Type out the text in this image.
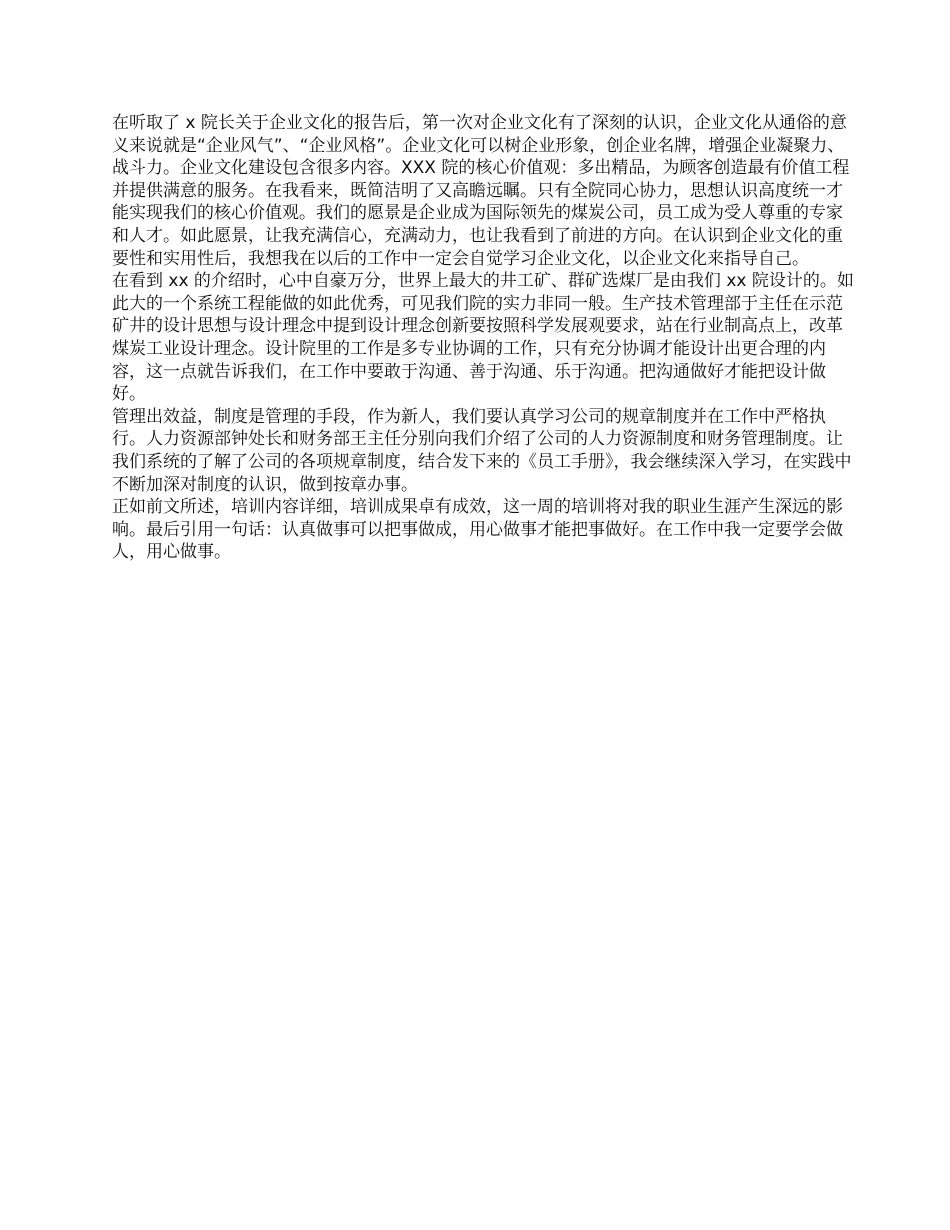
在听取了 x 院长关于企业文化的报告后，第一次对企业文化有了深刻的认识，企业文化从通俗的意义来说就是“企业风气”、“企业风格”。企业文化可以树企业形象，创企业名牌，增强企业凝聚力、战斗力。企业文化建设包含很多内容。XXX 院的核心价值观：多出精品，为顾客创造最有价值工程并提供满意的服务。在我看来，既简洁明了又高瞻远瞩。只有全院同心协力，思想认识高度统一才能实现我们的核心价值观。我们的愿景是企业成为国际领先的煤炭公司，员工成为受人尊重的专家和人才。如此愿景，让我充满信心，充满动力，也让我看到了前进的方向。在认识到企业文化的重要性和实用性后，我想我在以后的工作中一定会自觉学习企业文化，以企业文化来指导自己。

在看到 xx 的介绍时，心中自豪万分，世界上最大的井工矿、群矿选煤厂是由我们 xx 院设计的。如此大的一个系统工程能做的如此优秀，可见我们院的实力非同一般。生产技术管理部于主任在示范矿井的设计思想与设计理念中提到设计理念创新要按照科学发展观要求，站在行业制高点上，改革煤炭工业设计理念。设计院里的工作是多专业协调的工作，只有充分协调才能设计出更合理的内容，这一点就告诉我们，在工作中要敢于沟通、善于沟通、乐于沟通。把沟通做好才能把设计做好。

管理出效益，制度是管理的手段，作为新人，我们要认真学习公司的规章制度并在工作中严格执行。人力资源部钟处长和财务部王主任分别向我们介绍了公司的人力资源制度和财务管理制度。让我们系统的了解了公司的各项规章制度，结合发下来的《员工手册》，我会继续深入学习，在实践中不断加深对制度的认识，做到按章办事。

正如前文所述，培训内容详细，培训成果卓有成效，这一周的培训将对我的职业生涯产生深远的影响。最后引用一句话：认真做事可以把事做成，用心做事才能把事做好。在工作中我一定要学会做人，用心做事。
